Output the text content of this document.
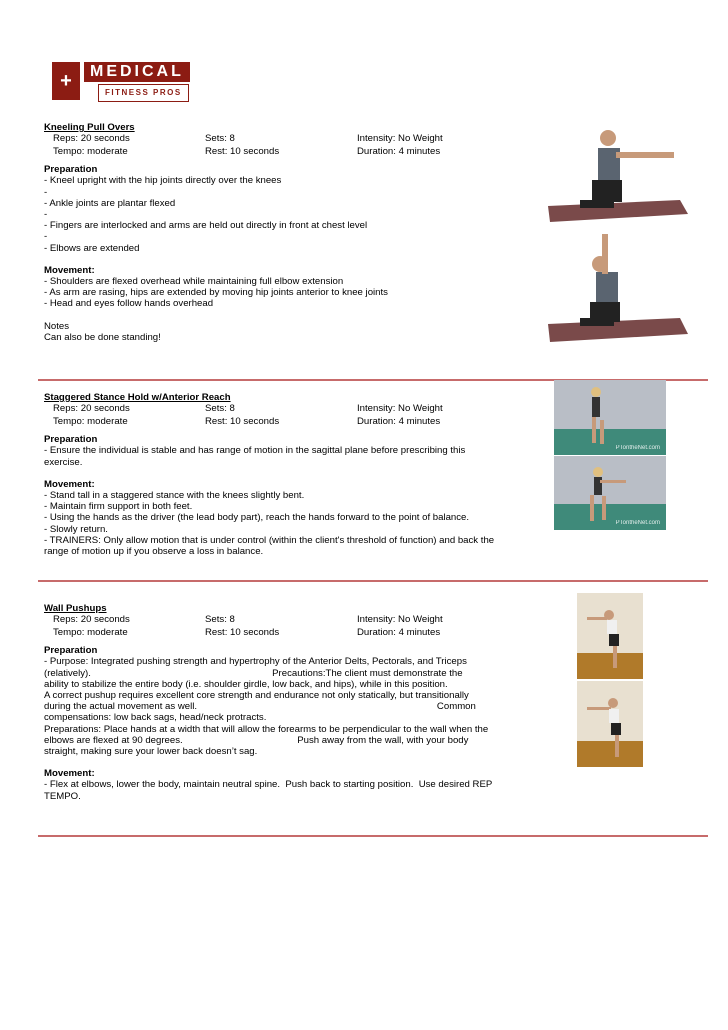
+	MEDICAL
FITNESS PROS
Kneeling Pull Overs
Reps: 20 seconds	Sets: 8	Intensity: No Weight
Tempo: moderate	Rest: 10 seconds	Duration: 4 minutes
Preparation
- Kneel upright with the hip joints directly over the knees
-
- Ankle joints are plantar flexed
-
- Fingers are interlocked and arms are held out directly in front at chest level
-
- Elbows are extended
Movement:
- Shoulders are flexed overhead while maintaining full elbow extension
- As arm are rasing, hips are extended by moving hip joints anterior to knee joints
- Head and eyes follow hands overhead
Notes
Can also be done standing!
Staggered Stance Hold w/Anterior Reach
Reps: 20 seconds	Sets: 8	Intensity: No Weight
Tempo: moderate	Rest: 10 seconds	Duration: 4 minutes
Preparation
- Ensure the individual is stable and has range of motion in the sagittal plane before prescribing this
exercise.
Movement:
- Stand tall in a staggered stance with the knees slightly bent.
- Maintain firm support in both feet.
- Using the hands as the driver (the lead body part), reach the hands forward to the point of balance.
- Slowly return.
- TRAINERS: Only allow motion that is under control (within the client's threshold of function) and back the
range of motion up if you observe a loss in balance.
PTontheNet.com
PTontheNet.com
Wall Pushups
Reps: 20 seconds	Sets: 8	Intensity: No Weight
Tempo: moderate	Rest: 10 seconds	Duration: 4 minutes
Preparation
- Purpose: Integrated pushing strength and hypertrophy of the Anterior Delts, Pectorals, and Triceps
(relatively).                                                                    Precautions:The client must demonstrate the
ability to stabilize the entire body (i.e. shoulder girdle, low back, and hips), while in this position.
A correct pushup requires excellent core strength and endurance not only statically, but transitionally
during the actual movement as well.                                                                                          Common
compensations: low back sags, head/neck protracts.
Preparations: Place hands at a width that will allow the forearms to be perpendicular to the wall when the
elbows are flexed at 90 degrees.                                           Push away from the wall, with your body
straight, making sure your lower back doesn’t sag.
Movement:
- Flex at elbows, lower the body, maintain neutral spine.  Push back to starting position.  Use desired REP
TEMPO.
